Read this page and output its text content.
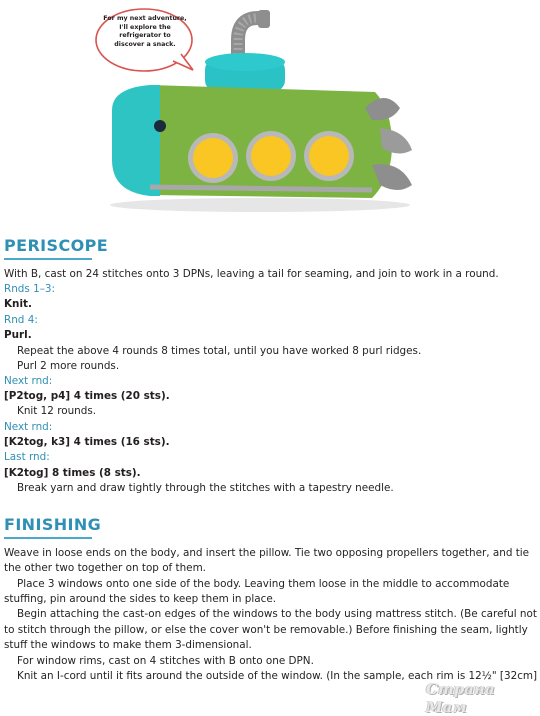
For my next adventure,
I'll explore the
refrigerator to
discover a snack.
PERISCOPE
With B, cast on 24 stitches onto 3 DPNs, leaving a tail for seaming, and join to work in a round.
Rnds 1–3:
Knit.
Rnd 4:
Purl.
Repeat the above 4 rounds 8 times total, until you have worked 8 purl ridges.
Purl 2 more rounds.
Next rnd:
[P2tog, p4] 4 times (20 sts).
Knit 12 rounds.
Next rnd:
[K2tog, k3] 4 times (16 sts).
Last rnd:
[K2tog] 8 times (8 sts).
Break yarn and draw tightly through the stitches with a tapestry needle.
FINISHING
Weave in loose ends on the body, and insert the pillow. Tie two opposing propellers together, and tie
the other two together on top of them.
Place 3 windows onto one side of the body. Leaving them loose in the middle to accommodate
stuffing, pin around the sides to keep them in place.
Begin attaching the cast-on edges of the windows to the body using mattress stitch. (Be careful not
to stitch through the pillow, or else the cover won't be removable.) Before finishing the seam, lightly
stuff the windows to make them 3-dimensional.
For window rims, cast on 4 stitches with B onto one DPN.
Knit an I-cord until it fits around the outside of the window. (In the sample, each rim is 12½" [32cm]
Страна Мам
